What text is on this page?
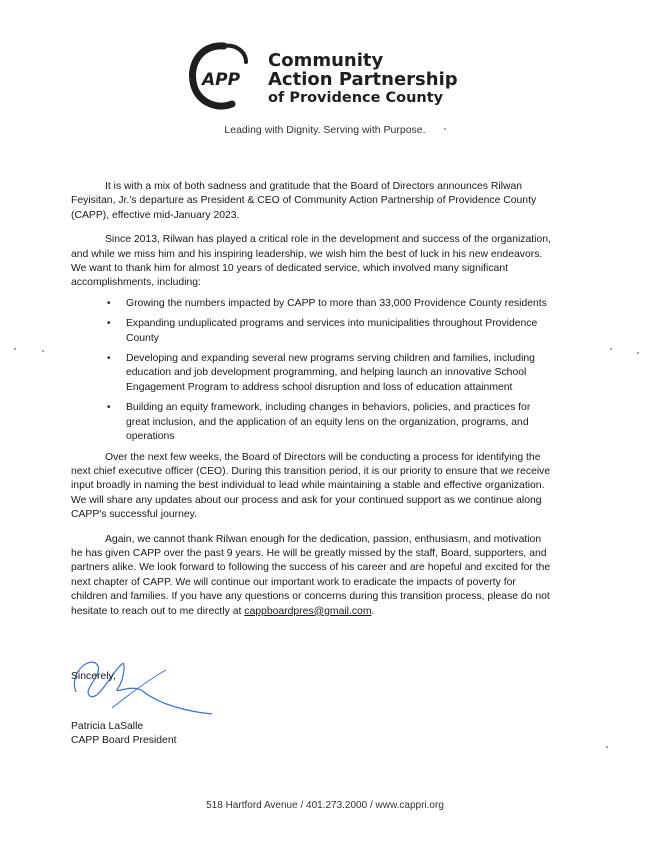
APP
Community
Action Partnership
of Providence County
Leading with Dignity. Serving with Purpose.

It is with a mix of both sadness and gratitude that the Board of Directors announces Rilwan Feyisitan, Jr.'s departure as President & CEO of Community Action Partnership of Providence County (CAPP), effective mid-January 2023.

Since 2013, Rilwan has played a critical role in the development and success of the organization, and while we miss him and his inspiring leadership, we wish him the best of luck in his new endeavors. We want to thank him for almost 10 years of dedicated service, which involved many significant accomplishments, including:

• Growing the numbers impacted by CAPP to more than 33,000 Providence County residents
• Expanding unduplicated programs and services into municipalities throughout Providence County
• Developing and expanding several new programs serving children and families, including education and job development programming, and helping launch an innovative School Engagement Program to address school disruption and loss of education attainment
• Building an equity framework, including changes in behaviors, policies, and practices for great inclusion, and the application of an equity lens on the organization, programs, and operations

Over the next few weeks, the Board of Directors will be conducting a process for identifying the next chief executive officer (CEO). During this transition period, it is our priority to ensure that we receive input broadly in naming the best individual to lead while maintaining a stable and effective organization. We will share any updates about our process and ask for your continued support as we continue along CAPP's successful journey.

Again, we cannot thank Rilwan enough for the dedication, passion, enthusiasm, and motivation he has given CAPP over the past 9 years. He will be greatly missed by the staff, Board, supporters, and partners alike. We look forward to following the success of his career and are hopeful and excited for the next chapter of CAPP. We will continue our important work to eradicate the impacts of poverty for children and families. If you have any questions or concerns during this transition process, please do not hesitate to reach out to me directly at cappboardpres@gmail.com.

Sincerely,
Patricia LaSalle
CAPP Board President
518 Hartford Avenue / 401.273.2000 / www.cappri.org
